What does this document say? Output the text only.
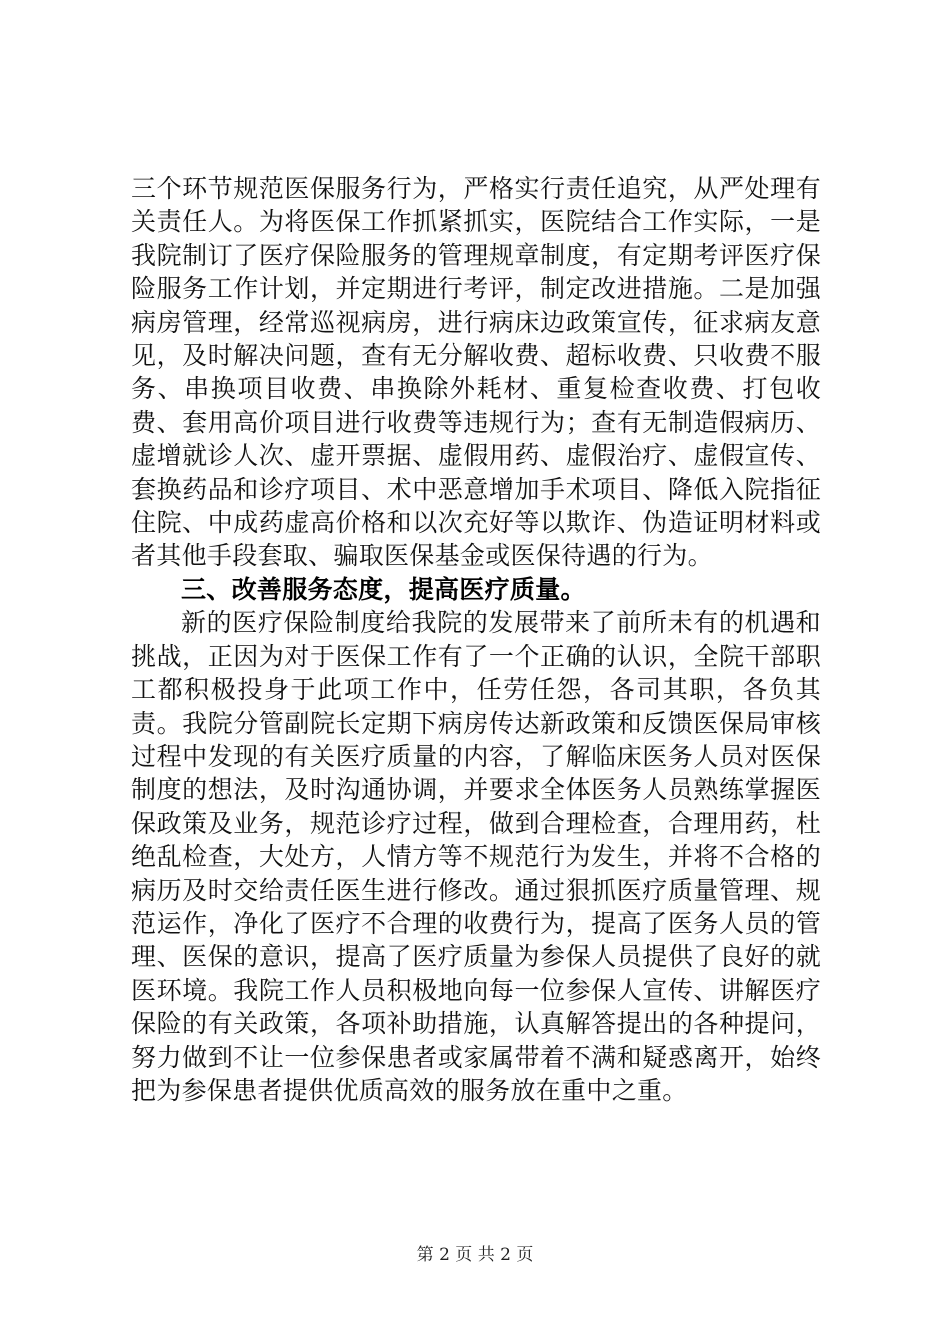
三个环节规范医保服务行为，严格实行责任追究，从严处理有关责任人。为将医保工作抓紧抓实，医院结合工作实际，一是我院制订了医疗保险服务的管理规章制度，有定期考评医疗保险服务工作计划，并定期进行考评，制定改进措施。二是加强病房管理，经常巡视病房，进行病床边政策宣传，征求病友意见，及时解决问题，查有无分解收费、超标收费、只收费不服务、串换项目收费、串换除外耗材、重复检查收费、打包收费、套用高价项目进行收费等违规行为；查有无制造假病历、虚增就诊人次、虚开票据、虚假用药、虚假治疗、虚假宣传、套换药品和诊疗项目、术中恶意增加手术项目、降低入院指征住院、中成药虚高价格和以次充好等以欺诈、伪造证明材料或者其他手段套取、骗取医保基金或医保待遇的行为。

三、改善服务态度，提高医疗质量。

新的医疗保险制度给我院的发展带来了前所未有的机遇和挑战，正因为对于医保工作有了一个正确的认识，全院干部职工都积极投身于此项工作中，任劳任怨，各司其职，各负其责。我院分管副院长定期下病房传达新政策和反馈医保局审核过程中发现的有关医疗质量的内容，了解临床医务人员对医保制度的想法，及时沟通协调，并要求全体医务人员熟练掌握医保政策及业务，规范诊疗过程，做到合理检查，合理用药，杜绝乱检查，大处方，人情方等不规范行为发生，并将不合格的病历及时交给责任医生进行修改。通过狠抓医疗质量管理、规范运作，净化了医疗不合理的收费行为，提高了医务人员的管理、医保的意识，提高了医疗质量为参保人员提供了良好的就医环境。我院工作人员积极地向每一位参保人宣传、讲解医疗保险的有关政策，各项补助措施，认真解答提出的各种提问，努力做到不让一位参保患者或家属带着不满和疑惑离开，始终把为参保患者提供优质高效的服务放在重中之重。

第 2 页 共 2 页
